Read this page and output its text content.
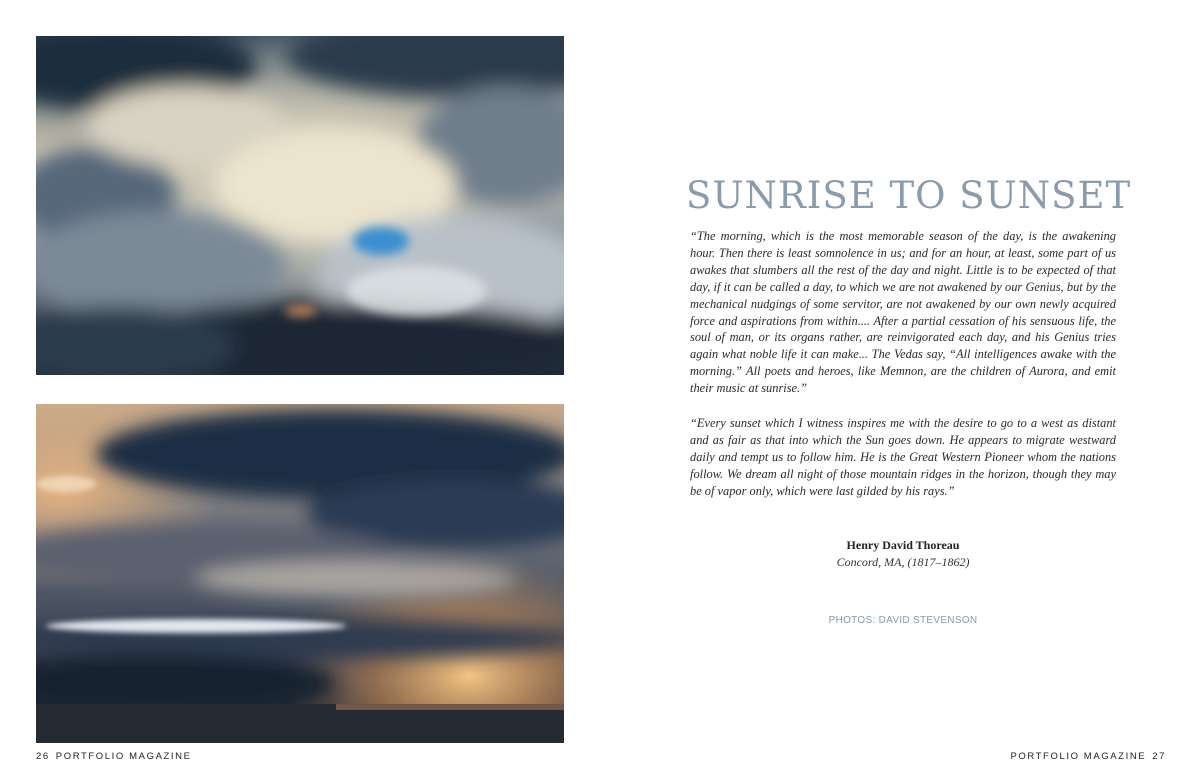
SUNRISE TO SUNSET

“The morning, which is the most memorable season of the day, is the awakening hour. Then there is least somnolence in us; and for an hour, at least, some part of us awakes that slumbers all the rest of the day and night. Little is to be expected of that day, if it can be called a day, to which we are not awakened by our Genius, but by the mechanical nudgings of some servitor, are not awakened by our own newly acquired force and aspirations from within.... After a partial cessation of his sensuous life, the soul of man, or its organs rather, are reinvigorated each day, and his Genius tries again what noble life it can make... The Vedas say, “All intelligences awake with the morning.” All poets and heroes, like Memnon, are the children of Aurora, and emit their music at sunrise.”

“Every sunset which I witness inspires me with the desire to go to a west as distant and as fair as that into which the Sun goes down. He appears to migrate westward daily and tempt us to follow him. He is the Great Western Pioneer whom the nations follow. We dream all night of those mountain ridges in the horizon, though they may be of vapor only, which were last gilded by his rays.”

Henry David Thoreau
Concord, MA, (1817–1862)
PHOTOS: DAVID STEVENSON
26 PORTFOLIO MAGAZINE	PORTFOLIO MAGAZINE 27
